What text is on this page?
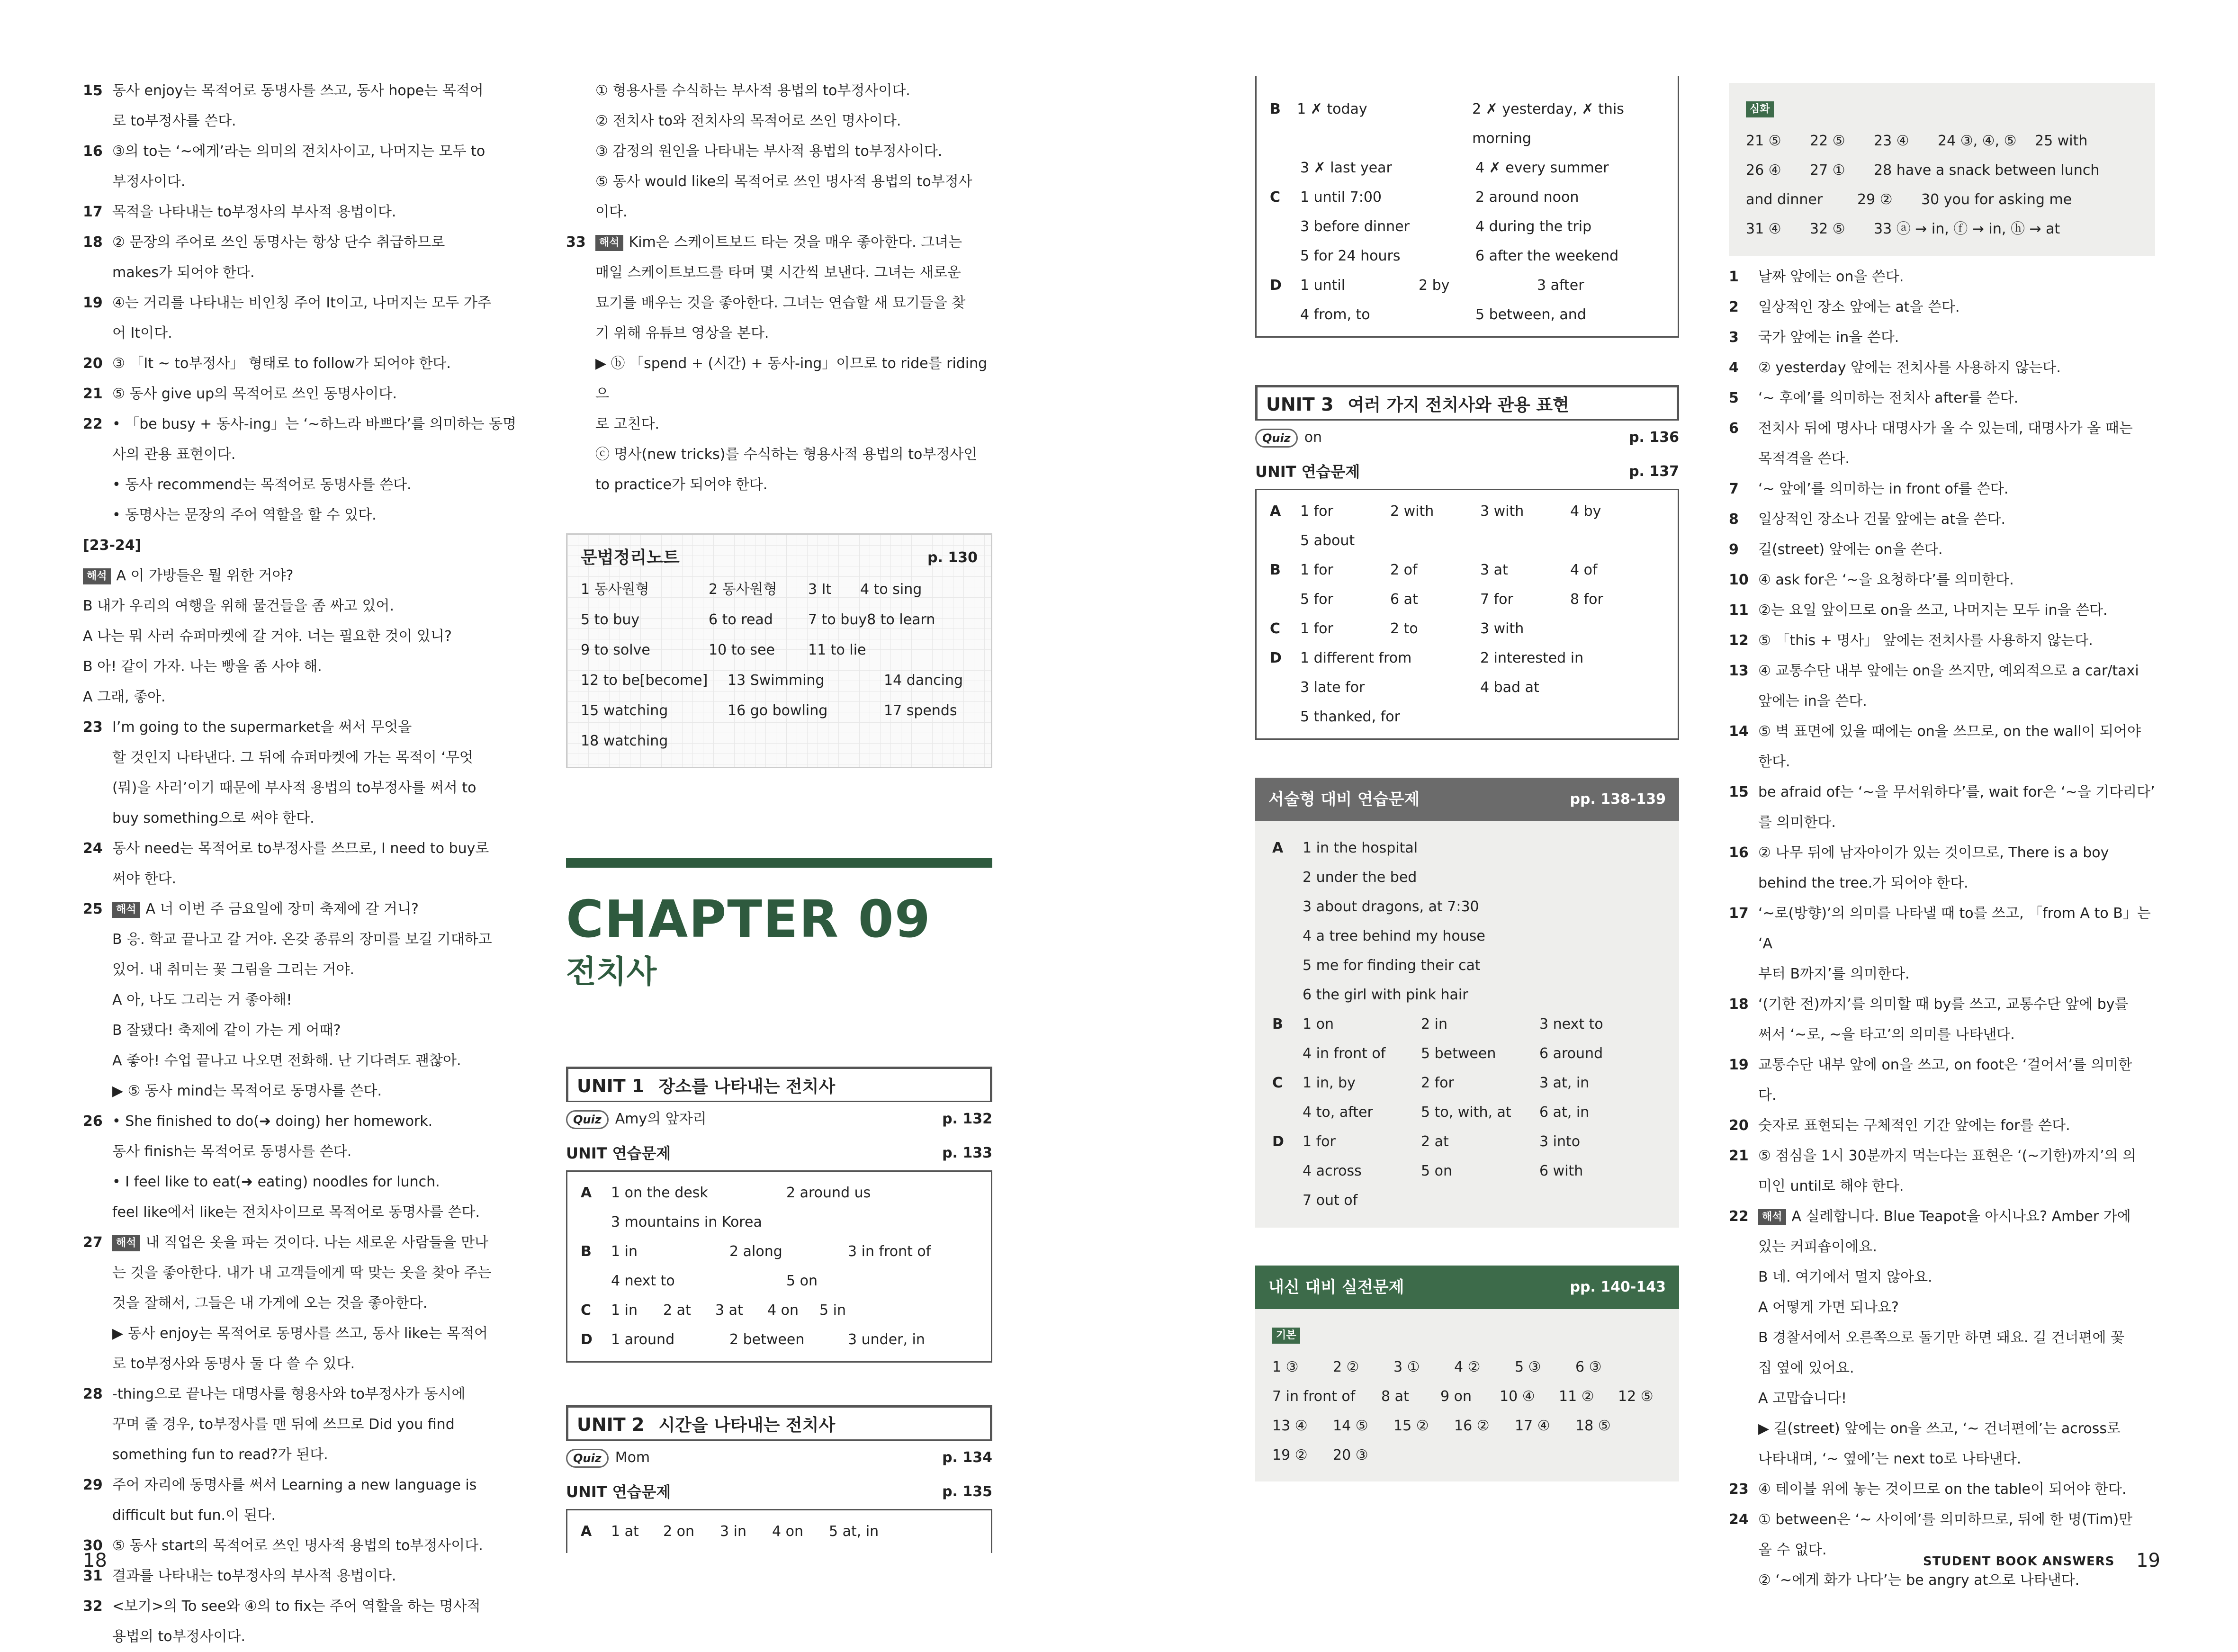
15 동사 enjoy는 목적어로 동명사를 쓰고, 동사 hope는 목적어
로 to부정사를 쓴다.
16 ③의 to는 ‘~에게’라는 의미의 전치사이고, 나머지는 모두 to
부정사이다.
17 목적을 나타내는 to부정사의 부사적 용법이다.
18 ② 문장의 주어로 쓰인 동명사는 항상 단수 취급하므로
makes가 되어야 한다.
19 ④는 거리를 나타내는 비인칭 주어 It이고, 나머지는 모두 가주
어 It이다.
20 ③ 「It ~ to부정사」 형태로 to follow가 되어야 한다.
21 ⑤ 동사 give up의 목적어로 쓰인 동명사이다.
22 • 「be busy + 동사-ing」는 ‘~하느라 바쁘다’를 의미하는 동명
사의 관용 표현이다.
• 동사 recommend는 목적어로 동명사를 쓴다.
• 동명사는 문장의 주어 역할을 할 수 있다.
[23-24]
해석 A 이 가방들은 뭘 위한 거야?
B 내가 우리의 여행을 위해 물건들을 좀 싸고 있어.
A 나는 뭐 사러 슈퍼마켓에 갈 거야. 너는 필요한 것이 있니?
B 아! 같이 가자. 나는 빵을 좀 사야 해.
A 그래, 좋아.
23 I’m going to the supermarket을 써서 무엇을
할 것인지 나타낸다. 그 뒤에 슈퍼마켓에 가는 목적이 ‘무엇
(뭐)을 사러’이기 때문에 부사적 용법의 to부정사를 써서 to
buy something으로 써야 한다.
24 동사 need는 목적어로 to부정사를 쓰므로, I need to buy로
써야 한다.
25	해석 A 너 이번 주 금요일에 장미 축제에 갈 거니?
B 응. 학교 끝나고 갈 거야. 온갖 종류의 장미를 보길 기대하고
있어. 내 취미는 꽃 그림을 그리는 거야.
A 아, 나도 그리는 거 좋아해!
B 잘됐다! 축제에 같이 가는 게 어때?
A 좋아! 수업 끝나고 나오면 전화해. 난 기다려도 괜찮아.
▶ ⑤ 동사 mind는 목적어로 동명사를 쓴다.
26 • She finished to do(➜ doing) her homework.
동사 finish는 목적어로 동명사를 쓴다.
• I feel like to eat(➜ eating) noodles for lunch.
feel like에서 like는 전치사이므로 목적어로 동명사를 쓴다.
27	해석 내 직업은 옷을 파는 것이다. 나는 새로운 사람들을 만나
는 것을 좋아한다. 내가 내 고객들에게 딱 맞는 옷을 찾아 주는
것을 잘해서, 그들은 내 가게에 오는 것을 좋아한다.
▶ 동사 enjoy는 목적어로 동명사를 쓰고, 동사 like는 목적어
로 to부정사와 동명사 둘 다 쓸 수 있다.
28 -thing으로 끝나는 대명사를 형용사와 to부정사가 동시에
꾸며 줄 경우, to부정사를 맨 뒤에 쓰므로 Did you find
something fun to read?가 된다.
29 주어 자리에 동명사를 써서 Learning a new language is
difficult but fun.이 된다.
30 ⑤ 동사 start의 목적어로 쓰인 명사적 용법의 to부정사이다.
31 결과를 나타내는 to부정사의 부사적 용법이다.
32 <보기>의 To see와 ④의 to fix는 주어 역할을 하는 명사적
용법의 to부정사이다.
① 형용사를 수식하는 부사적 용법의 to부정사이다.
② 전치사 to와 전치사의 목적어로 쓰인 명사이다.
③ 감정의 원인을 나타내는 부사적 용법의 to부정사이다.
⑤ 동사 would like의 목적어로 쓰인 명사적 용법의 to부정사
이다.
33	해석 Kim은 스케이트보드 타는 것을 매우 좋아한다. 그녀는
매일 스케이트보드를 타며 몇 시간씩 보낸다. 그녀는 새로운
묘기를 배우는 것을 좋아한다. 그녀는 연습할 새 묘기들을 찾
기 위해 유튜브 영상을 본다.
▶ ⓑ 「spend + (시간) + 동사-ing」이므로 to ride를 riding으
로 고친다.
ⓒ 명사(new tricks)를 수식하는 형용사적 용법의 to부정사인
to practice가 되어야 한다.
문법정리노트	p. 130
1 동사원형	2 동사원형	3 It	4 to sing
5 to buy	6 to read	7 to buy 8 to learn
9 to solve	10 to see	11 to lie
12 to be[become]	13 Swimming	14 dancing
15 watching	16 go bowling	17 spends
18 watching
CHAPTER 09
전치사
UNIT 1 장소를 나타내는 전치사
Quiz Amy의 앞자리	p. 132
UNIT 연습문제	p. 133
A	1 on the desk	2 around us
3 mountains in Korea
B	1 in	2 along	3 in front of
4 next to	5 on
C	1 in	2 at	3 at	4 on	5 in
D	1 around	2 between	3 under, in
UNIT 2 시간을 나타내는 전치사
Quiz Mom	p. 134
UNIT 연습문제	p. 135
A	1 at	2 on	3 in	4 on	5 at, in
18
B	1 ✗ today	2 ✗ yesterday, ✗ this morning
3 ✗ last year	4 ✗ every summer
C	1 until 7:00	2 around noon
3 before dinner	4 during the trip
5 for 24 hours	6 after the weekend
D	1 until	2 by	3 after
4 from, to	5 between, and
UNIT 3 여러 가지 전치사와 관용 표현
Quiz on	p. 136
UNIT 연습문제	p. 137
A	1 for	2 with	3 with	4 by
5 about
B	1 for	2 of	3 at	4 of
5 for	6 at	7 for	8 for
C	1 for	2 to	3 with
D	1 different from	2 interested in
3 late for	4 bad at
5 thanked, for
서술형 대비 연습문제	pp. 138-139
A	1 in the hospital
2 under the bed
3 about dragons, at 7:30
4 a tree behind my house
5 me for finding their cat
6 the girl with pink hair
B	1 on	2 in	3 next to
4 in front of	5 between	6 around
C	1 in, by	2 for	3 at, in
4 to, after	5 to, with, at	6 at, in
D	1 for	2 at	3 into
4 across	5 on	6 with
7 out of
내신 대비 실전문제	pp. 140-143
기본
1 ③	2 ②	3 ①	4 ②	5 ③	6 ③
7 in front of	8 at	9 on	10 ④	11 ②	12 ⑤
13 ④	14 ⑤	15 ②	16 ②	17 ④	18 ⑤
19 ②	20 ③
심화
21 ⑤	22 ⑤	23 ④	24 ③, ④, ⑤	25 with
26 ④	27 ①	28 have a snack between lunch
and dinner	29 ②	30 you for asking me
31 ④	32 ⑤	33 ⓐ → in, ⓕ → in, ⓗ → at
1	날짜 앞에는 on을 쓴다.
2	일상적인 장소 앞에는 at을 쓴다.
3	국가 앞에는 in을 쓴다.
4	② yesterday 앞에는 전치사를 사용하지 않는다.
5	‘~ 후에’를 의미하는 전치사 after를 쓴다.
6	전치사 뒤에 명사나 대명사가 올 수 있는데, 대명사가 올 때는
목적격을 쓴다.
7	‘~ 앞에’를 의미하는 in front of를 쓴다.
8	일상적인 장소나 건물 앞에는 at을 쓴다.
9	길(street) 앞에는 on을 쓴다.
10 ④ ask for은 ‘~을 요청하다’를 의미한다.
11 ②는 요일 앞이므로 on을 쓰고, 나머지는 모두 in을 쓴다.
12 ⑤ 「this + 명사」 앞에는 전치사를 사용하지 않는다.
13 ④ 교통수단 내부 앞에는 on을 쓰지만, 예외적으로 a car/taxi
앞에는 in을 쓴다.
14 ⑤ 벽 표면에 있을 때에는 on을 쓰므로, on the wall이 되어야
한다.
15 be afraid of는 ‘~을 무서워하다’를, wait for은 ‘~을 기다리다’
를 의미한다.
16 ② 나무 뒤에 남자아이가 있는 것이므로, There is a boy
behind the tree.가 되어야 한다.
17 ‘~로(방향)’의 의미를 나타낼 때 to를 쓰고, 「from A to B」는 ‘A
부터 B까지’를 의미한다.
18 ‘(기한 전)까지’를 의미할 때 by를 쓰고, 교통수단 앞에 by를
써서 ‘~로, ~을 타고’의 의미를 나타낸다.
19 교통수단 내부 앞에 on을 쓰고, on foot은 ‘걸어서’를 의미한
다.
20 숫자로 표현되는 구체적인 기간 앞에는 for를 쓴다.
21 ⑤ 점심을 1시 30분까지 먹는다는 표현은 ‘(~기한)까지’의 의
미인 until로 해야 한다.
22	해석 A 실례합니다. Blue Teapot을 아시나요? Amber 가에
있는 커피숍이에요.
B 네. 여기에서 멀지 않아요.
A 어떻게 가면 되나요?
B 경찰서에서 오른쪽으로 돌기만 하면 돼요. 길 건너편에 꽃
집 옆에 있어요.
A 고맙습니다!
▶ 길(street) 앞에는 on을 쓰고, ‘~ 건너편에’는 across로
나타내며, ‘~ 옆에’는 next to로 나타낸다.
23 ④ 테이블 위에 놓는 것이므로 on the table이 되어야 한다.
24 ① between은 ‘~ 사이에’를 의미하므로, 뒤에 한 명(Tim)만
올 수 없다.
② ‘~에게 화가 나다’는 be angry at으로 나타낸다.
STUDENT BOOK ANSWERS 19
